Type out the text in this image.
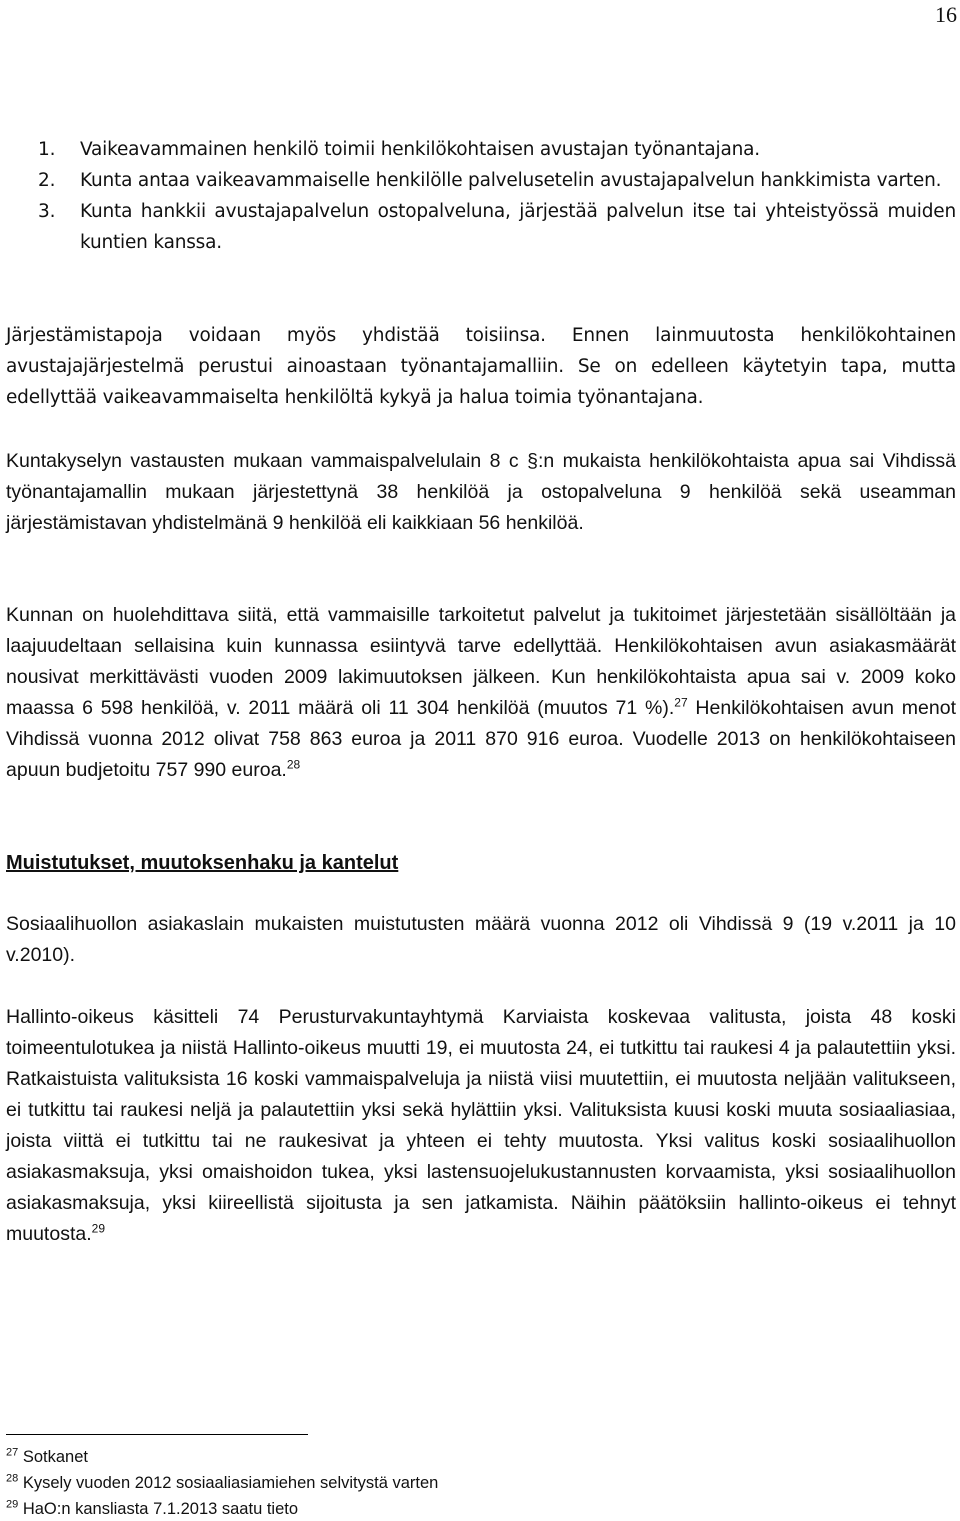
16
1. Vaikeavammainen henkilö toimii henkilökohtaisen avustajan työnantajana.
2. Kunta antaa vaikeavammaiselle henkilölle palvelusetelin avustajapalvelun hankkimista varten.
3. Kunta hankkii avustajapalvelun ostopalveluna, järjestää palvelun itse tai yhteistyössä muiden kuntien kanssa.

Järjestämistapoja voidaan myös yhdistää toisiinsa. Ennen lainmuutosta henkilökohtainen avustajajärjestelmä perustui ainoastaan työnantajamalliin. Se on edelleen käytetyin tapa, mutta edellyttää vaikeavammaiselta henkilöltä kykyä ja halua toimia työnantajana.

Kuntakyselyn vastausten mukaan vammaispalvelulain 8 c §:n mukaista henkilökohtaista apua sai Vihdissä työnantajamallin mukaan järjestettynä 38 henkilöä ja ostopalveluna 9 henkilöä sekä useamman järjestämistavan yhdistelmänä 9 henkilöä eli kaikkiaan 56 henkilöä.

Kunnan on huolehdittava siitä, että vammaisille tarkoitetut palvelut ja tukitoimet järjestetään sisällöltään ja laajuudeltaan sellaisina kuin kunnassa esiintyvä tarve edellyttää. Henkilökohtaisen avun asiakasmäärät nousivat merkittävästi vuoden 2009 lakimuutoksen jälkeen. Kun henkilökohtaista apua sai v. 2009 koko maassa 6 598 henkilöä, v. 2011 määrä oli 11 304 henkilöä (muutos 71 %).$^{27}$ Henkilökohtaisen avun menot Vihdissä vuonna 2012 olivat 758 863 euroa ja 2011 870 916 euroa. Vuodelle 2013 on henkilökohtaiseen apuun budjetoitu 757 990 euroa.$^{28}$

Muistutukset, muutoksenhaku ja kantelut

Sosiaalihuollon asiakaslain mukaisten muistutusten määrä vuonna 2012 oli Vihdissä 9 (19 v.2011 ja 10 v.2010).

Hallinto-oikeus käsitteli 74 Perusturvakuntayhtymä Karviaista koskevaa valitusta, joista 48 koski toimeentulotukea ja niistä Hallinto-oikeus muutti 19, ei muutosta 24, ei tutkittu tai raukesi 4 ja palautettiin yksi. Ratkaistuista valituksista 16 koski vammaispalveluja ja niistä viisi muutettiin, ei muutosta neljään valitukseen, ei tutkittu tai raukesi neljä ja palautettiin yksi sekä hylättiin yksi. Valituksista kuusi koski muuta sosiaaliasiaa, joista viittä ei tutkittu tai ne raukesivat ja yhteen ei tehty muutosta. Yksi valitus koski sosiaalihuollon asiakasmaksuja, yksi omaishoidon tukea, yksi lastensuojelukustannusten korvaamista, yksi sosiaalihuollon asiakasmaksuja, yksi kiireellistä sijoitusta ja sen jatkamista. Näihin päätöksiin hallinto-oikeus ei tehnyt muutosta.$^{29}$

$^{27}$ Sotkanet
$^{28}$ Kysely vuoden 2012 sosiaaliasiamiehen selvitystä varten
$^{29}$ HaO:n kansliasta 7.1.2013 saatu tieto
